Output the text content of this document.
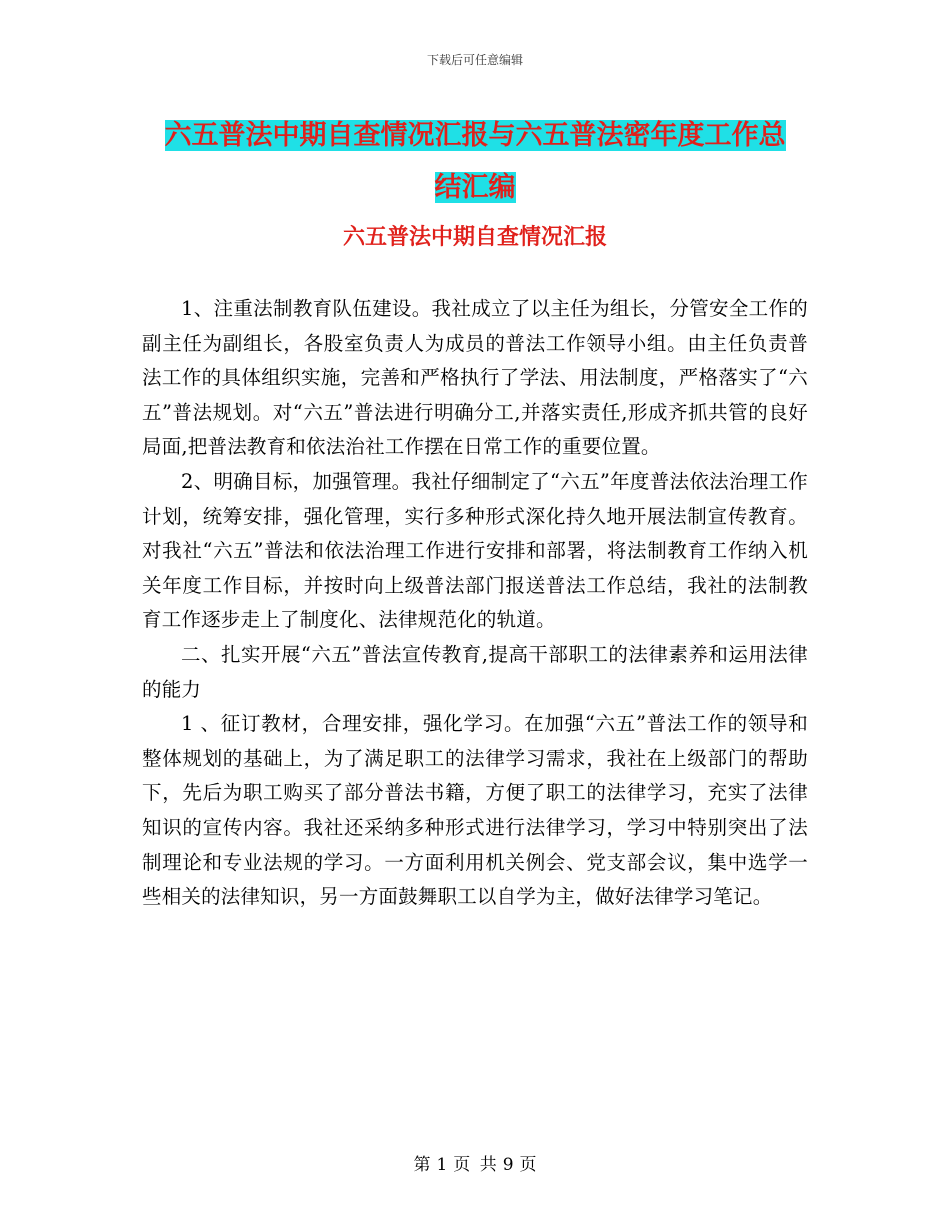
下载后可任意编辑
六五普法中期自查情况汇报与六五普法密年度工作总
结汇编
六五普法中期自查情况汇报

1、注重法制教育队伍建设。我社成立了以主任为组长，分管安全工作的副主任为副组长，各股室负责人为成员的普法工作领导小组。由主任负责普法工作的具体组织实施，完善和严格执行了学法、用法制度，严格落实了“六五”普法规划。对“六五”普法进行明确分工,并落实责任,形成齐抓共管的良好局面,把普法教育和依法治社工作摆在日常工作的重要位置。

2、明确目标，加强管理。我社仔细制定了“六五”年度普法依法治理工作计划，统筹安排，强化管理，实行多种形式深化持久地开展法制宣传教育。对我社“六五”普法和依法治理工作进行安排和部署，将法制教育工作纳入机关年度工作目标，并按时向上级普法部门报送普法工作总结，我社的法制教育工作逐步走上了制度化、法律规范化的轨道。

二、扎实开展“六五”普法宣传教育,提高干部职工的法律素养和运用法律的能力

1 、征订教材，合理安排，强化学习。在加强“六五”普法工作的领导和整体规划的基础上，为了满足职工的法律学习需求，我社在上级部门的帮助下，先后为职工购买了部分普法书籍，方便了职工的法律学习，充实了法律知识的宣传内容。我社还采纳多种形式进行法律学习，学习中特别突出了法制理论和专业法规的学习。一方面利用机关例会、党支部会议，集中选学一些相关的法律知识，另一方面鼓舞职工以自学为主，做好法律学习笔记。

第 1 页 共 9 页
